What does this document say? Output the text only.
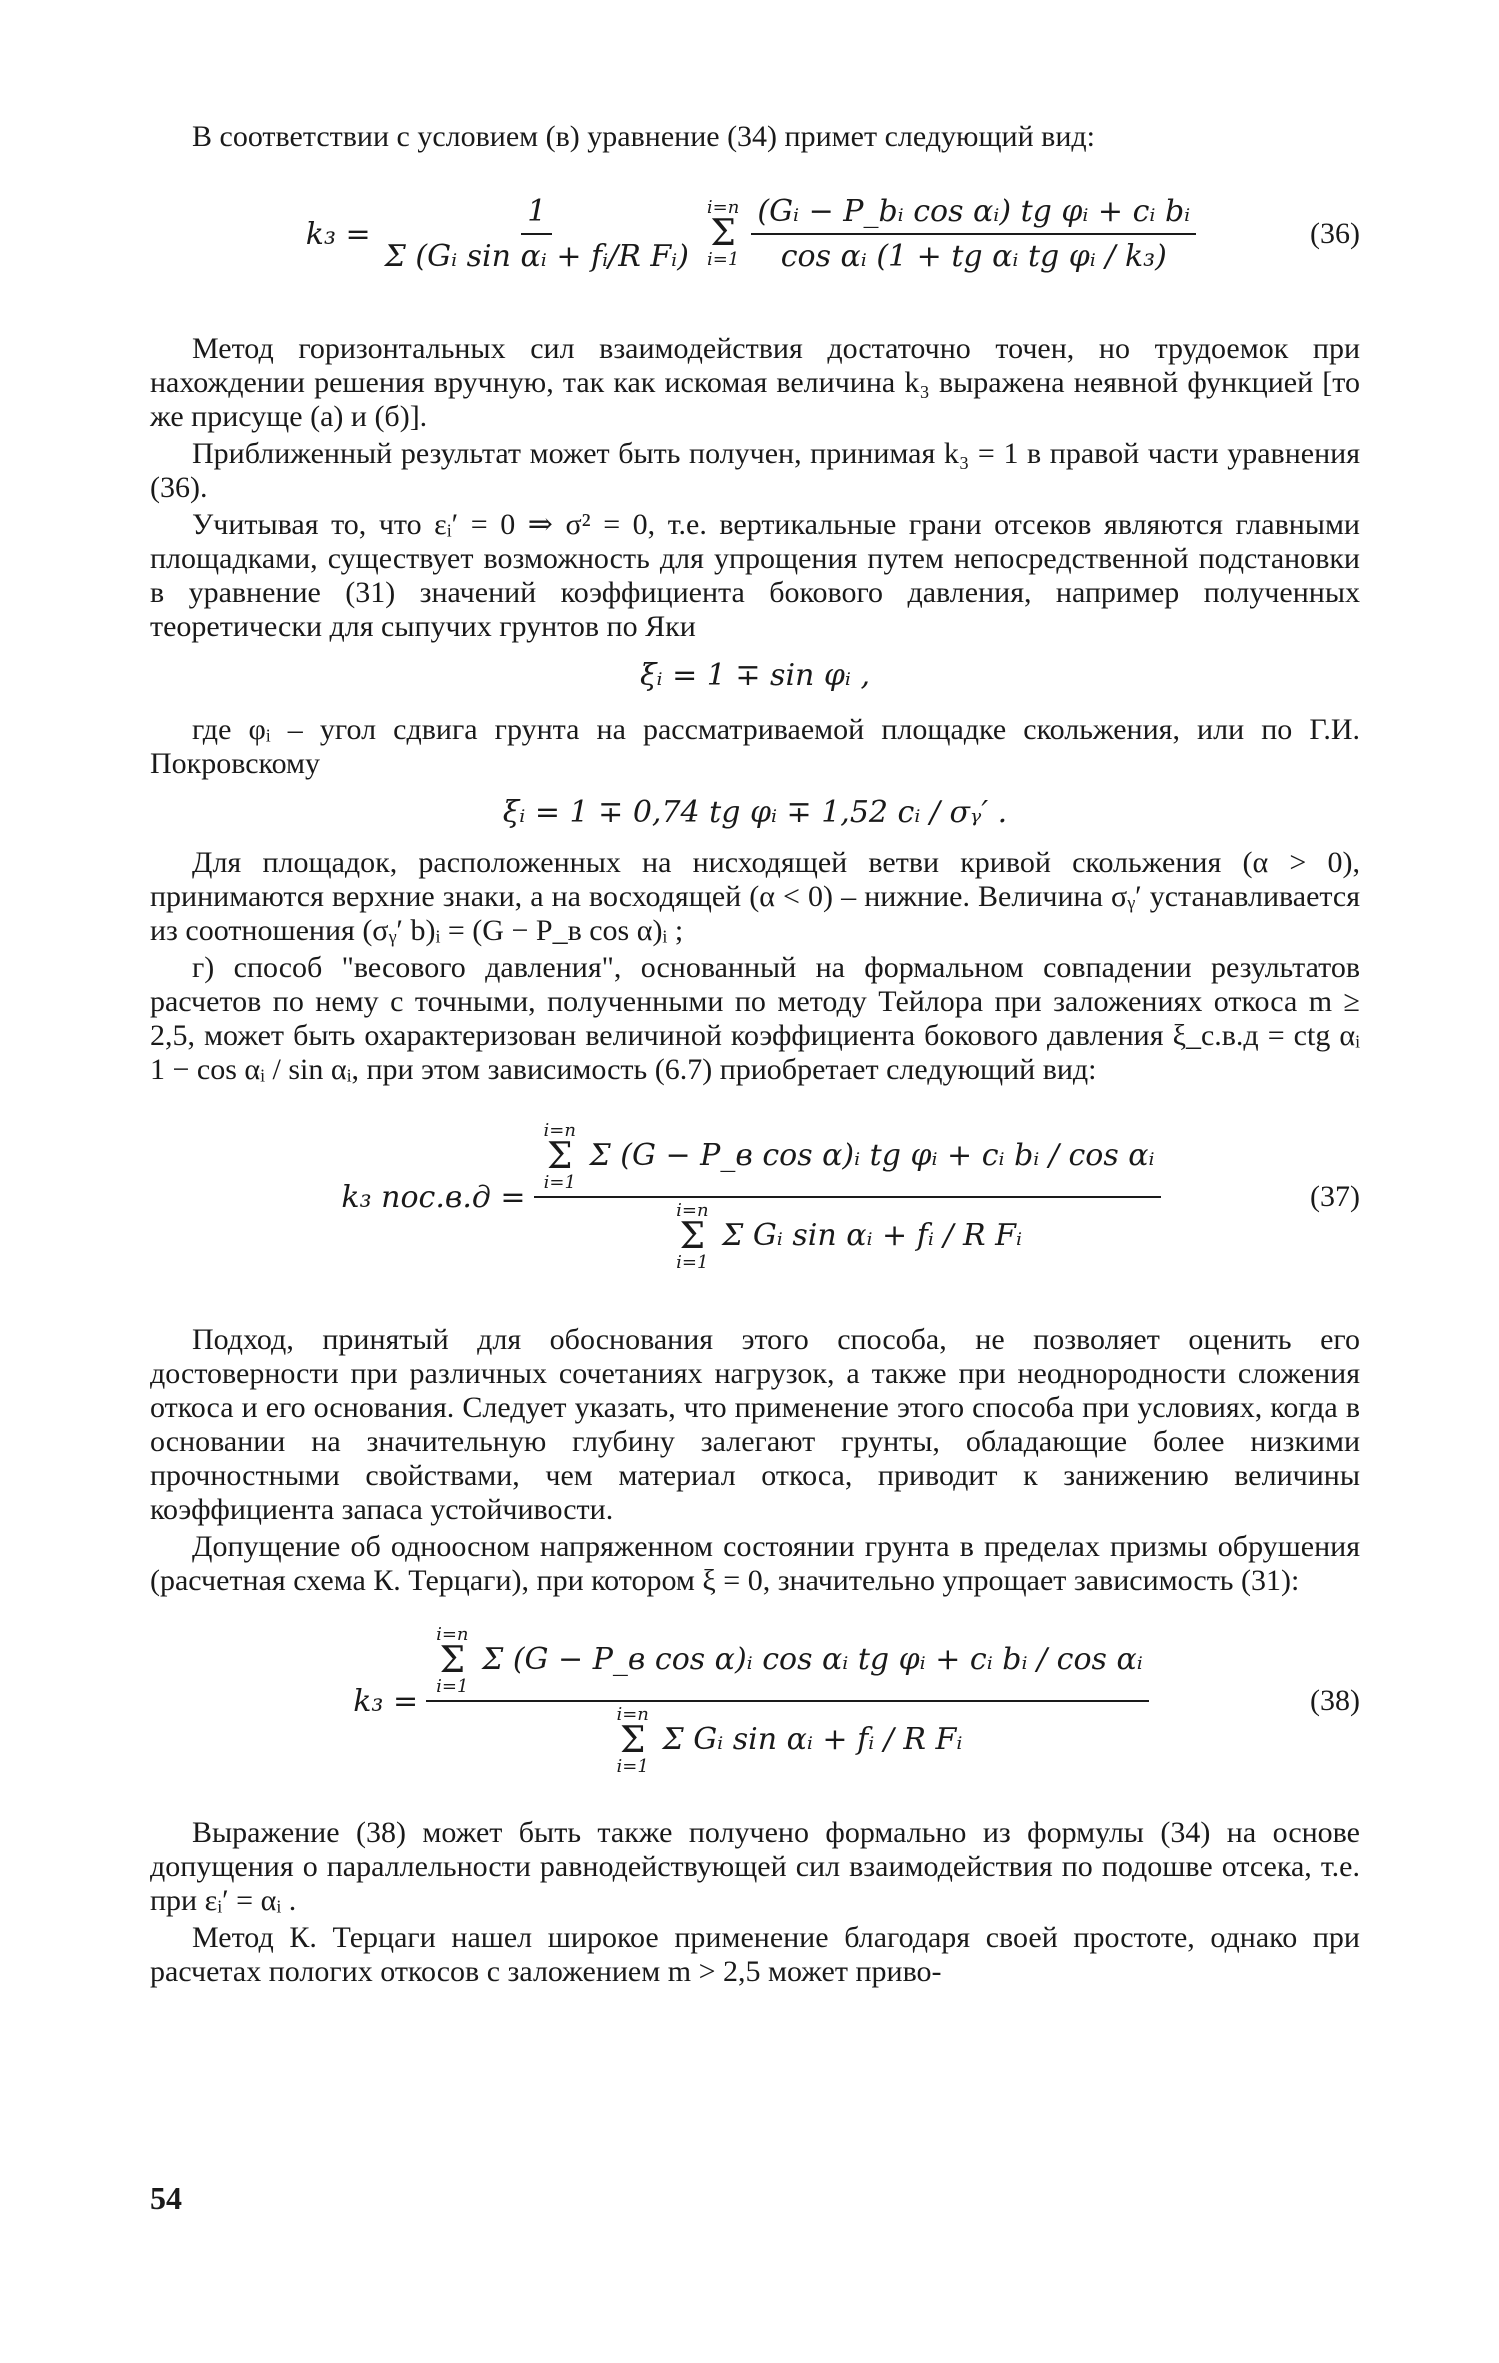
В соответствии с условием (в) уравнение (34) примет следующий вид:

$k_3 = \frac{1}{\text{Σ (Gᵢ sin αᵢ + fᵢ/R Fᵢ)}} i=n$
Σ
$i=1 \frac{\text{(Gᵢ − P\_bᵢ cos αᵢ) tg φᵢ + cᵢ bᵢ}}{\text{cos αᵢ (1 + tg αᵢ tg φᵢ / k₃)}}$	(36)

Метод горизонтальных сил взаимодействия достаточно точен, но трудоемок при нахождении решения вручную, так как искомая величина k₃ выражена неявной функцией [то же присуще (а) и (б)].

Приближенный результат может быть получен, принимая k₃ = 1 в правой части уравнения (36).

Учитывая то, что εᵢ′ = 0 ⇒ σ² = 0, т.е. вертикальные грани отсеков являются главными площадками, существует возможность для упрощения путем непосредственной подстановки в уравнение (31) значений коэффициента бокового давления, например полученных теоретически для сыпучих грунтов по Яки

ξᵢ = 1 ∓ sin φᵢ ,

где φᵢ – угол сдвига грунта на рассматриваемой площадке скольжения, или по Г.И. Покровскому

ξᵢ = 1 ∓ 0,74 tg φᵢ ∓ 1,52 cᵢ / σᵧ′ .

Для площадок, расположенных на нисходящей ветви кривой скольжения (α > 0), принимаются верхние знаки, а на восходящей (α < 0) – нижние. Величина σᵧ′ устанавливается из соотношения (σᵧ′ b)ᵢ = (G − P_в cos α)ᵢ ;

г) способ "весового давления", основанный на формальном совпадении результатов расчетов по нему с точными, полученными по методу Тейлора при заложениях откоса m ≥ 2,5, может быть охарактеризован величиной коэффициента бокового давления ξ_с.в.д = ctg αᵢ 1 − cos αᵢ / sin αᵢ, при этом зависимость (6.7) приобретает следующий вид:

k₃ пос.в.д =
i=n
Σ
i=1
Σ (G − P_в cos α)ᵢ tg φᵢ + cᵢ bᵢ / cos αᵢ
i=n
Σ
i=1
Σ Gᵢ sin αᵢ + fᵢ / R Fᵢ
(37)

Подход, принятый для обоснования этого способа, не позволяет оценить его достоверности при различных сочетаниях нагрузок, а также при неоднородности сложения откоса и его основания. Следует указать, что применение этого способа при условиях, когда в основании на значительную глубину залегают грунты, обладающие более низкими прочностными свойствами, чем материал откоса, приводит к занижению величины коэффициента запаса устойчивости.

Допущение об одноосном напряженном состоянии грунта в пределах призмы обрушения (расчетная схема К. Терцаги), при котором ξ = 0, значительно упрощает зависимость (31):

k₃ =
i=n
Σ
i=1
Σ (G − P_в cos α)ᵢ cos αᵢ tg φᵢ + cᵢ bᵢ / cos αᵢ
i=n
Σ
i=1
Σ Gᵢ sin αᵢ + fᵢ / R Fᵢ
(38)

Выражение (38) может быть также получено формально из формулы (34) на основе допущения о параллельности равнодействующей сил взаимодействия по подошве отсека, т.е. при εᵢ′ = αᵢ .

Метод К. Терцаги нашел широкое применение благодаря своей простоте, однако при расчетах пологих откосов с заложением m > 2,5 может приво-

54
